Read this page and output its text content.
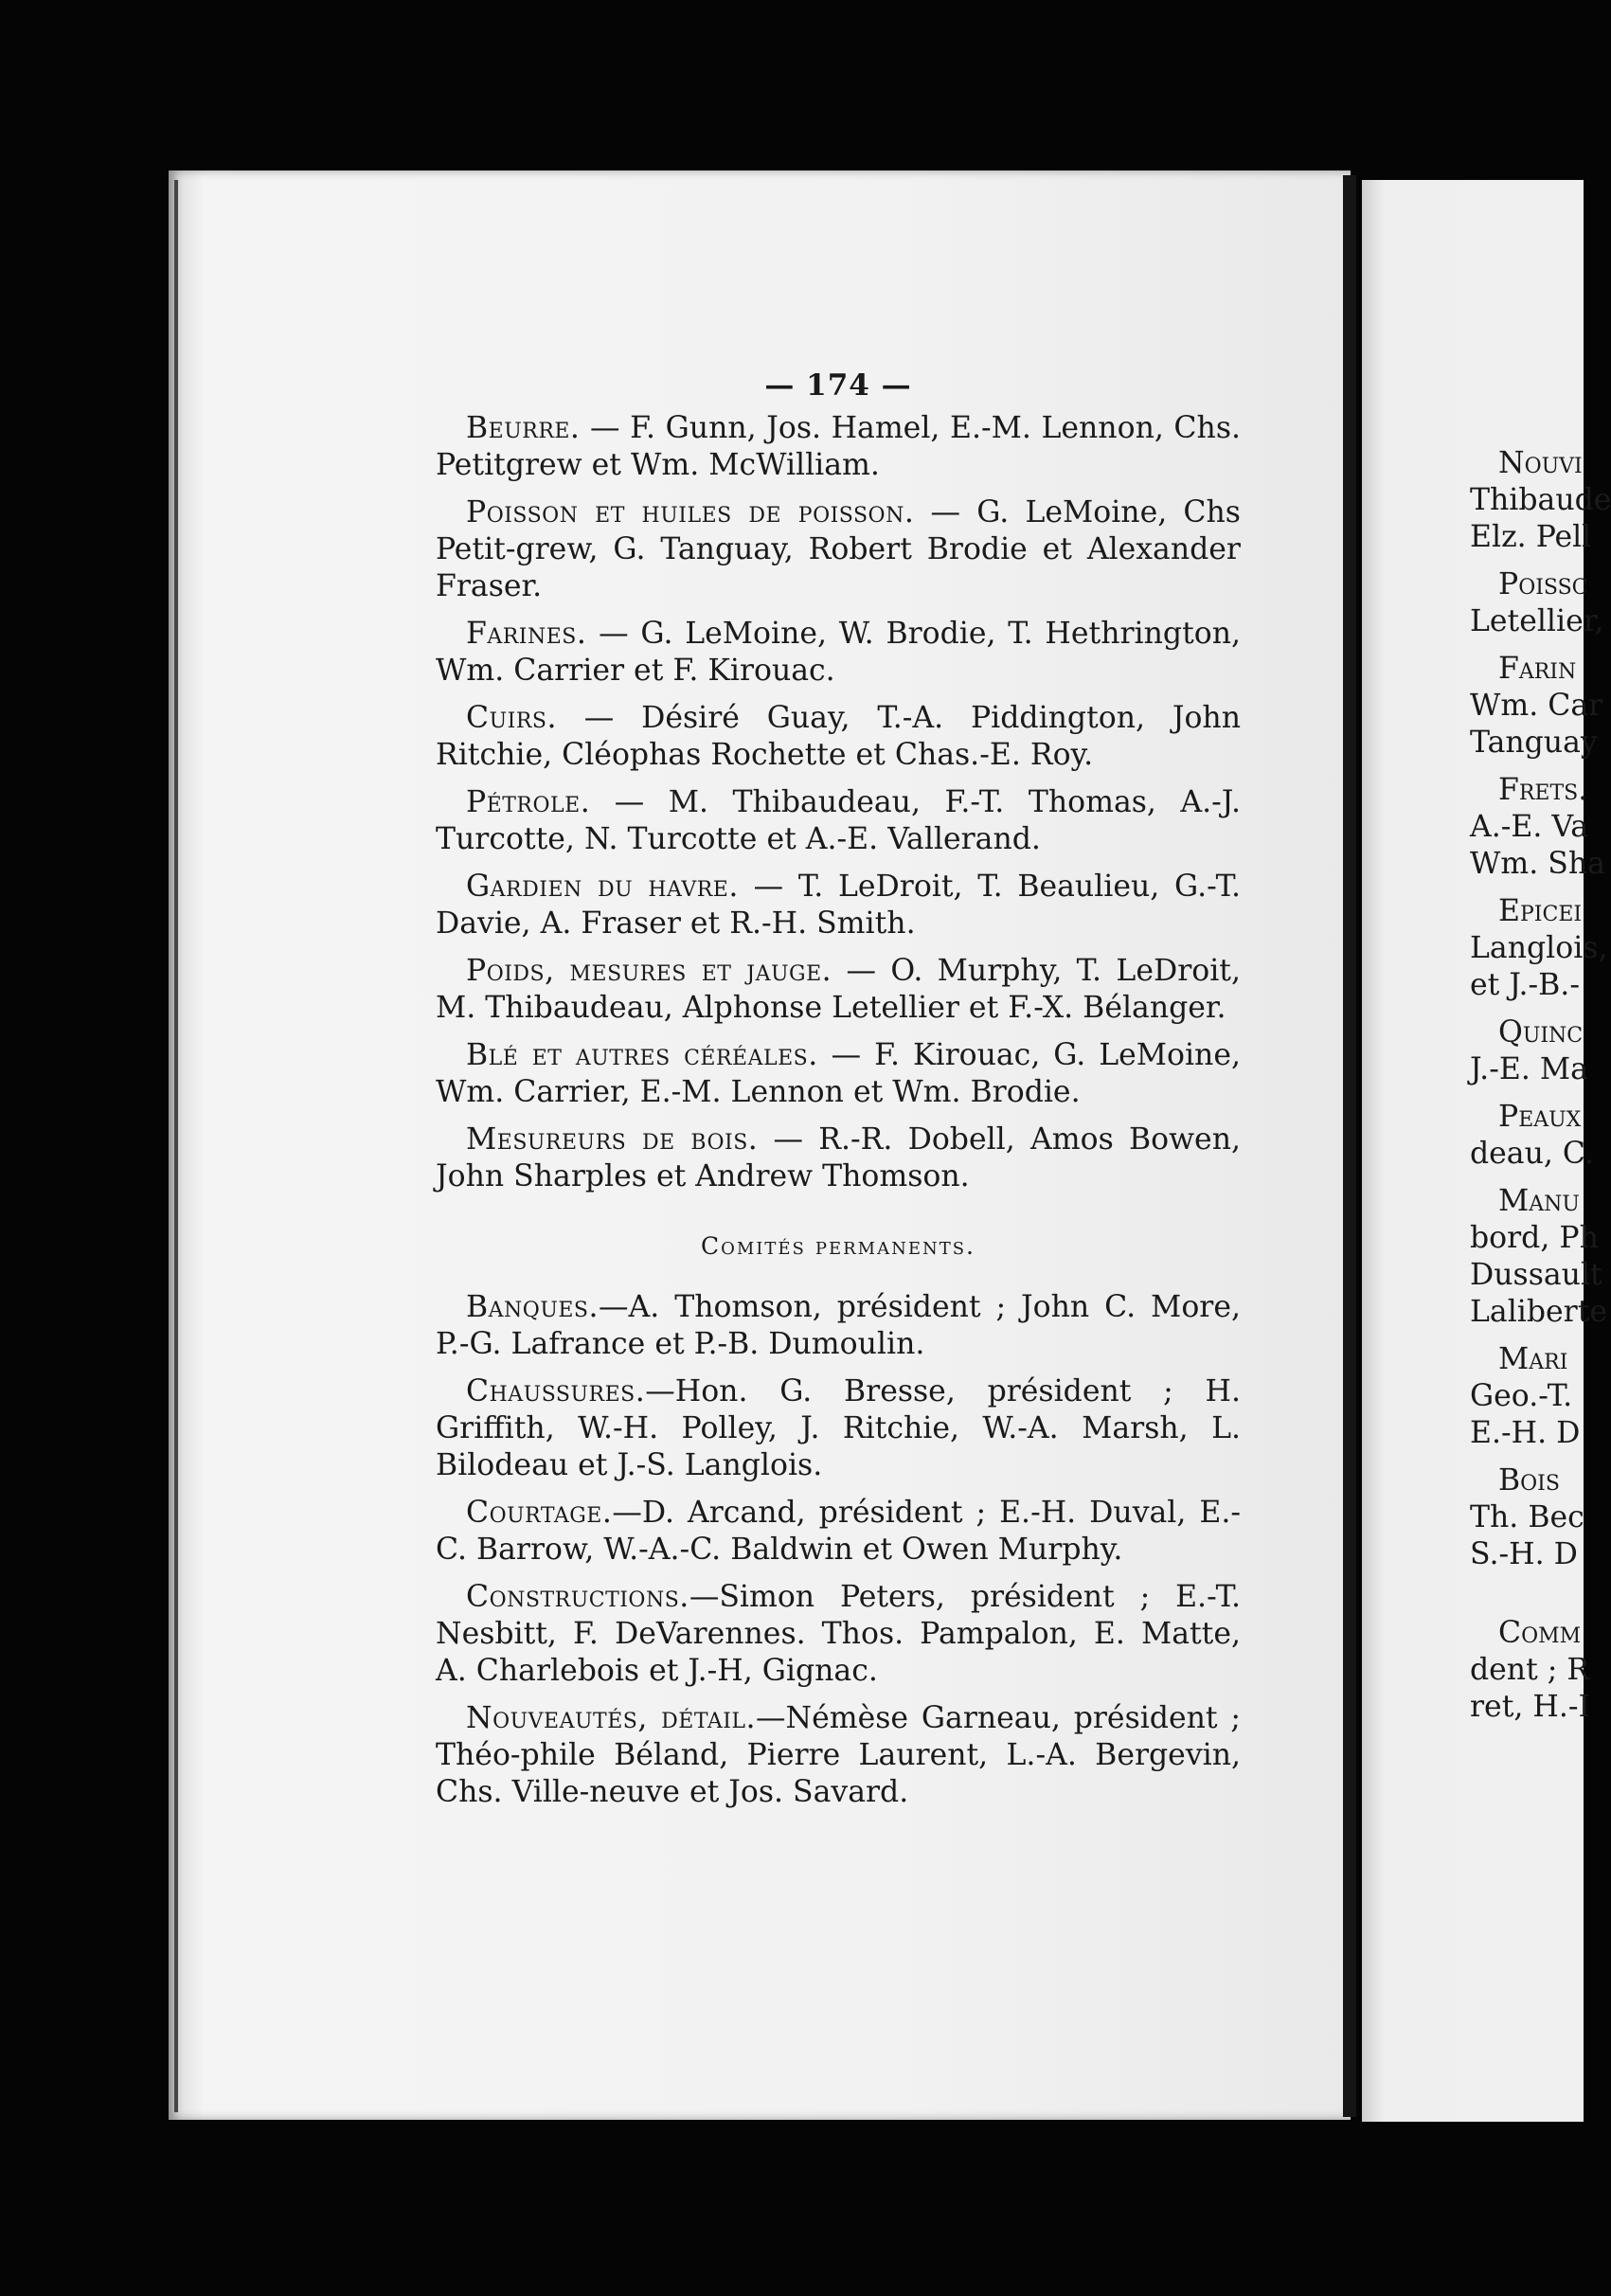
— 174 —

Beurre. — F. Gunn, Jos. Hamel, E.-M. Lennon, Chs. Petitgrew et Wm. McWilliam.

Poisson et huiles de poisson. — G. LeMoine, Chs Petit-grew, G. Tanguay, Robert Brodie et Alexander Fraser.

Farines. — G. LeMoine, W. Brodie, T. Hethrington, Wm. Carrier et F. Kirouac.

Cuirs. — Désiré Guay, T.-A. Piddington, John Ritchie, Cléophas Rochette et Chas.-E. Roy.

Pétrole. — M. Thibaudeau, F.-T. Thomas, A.-J. Turcotte, N. Turcotte et A.-E. Vallerand.

Gardien du havre. — T. LeDroit, T. Beaulieu, G.-T. Davie, A. Fraser et R.-H. Smith.

Poids, mesures et jauge. — O. Murphy, T. LeDroit, M. Thibaudeau, Alphonse Letellier et F.-X. Bélanger.

Blé et autres céréales. — F. Kirouac, G. LeMoine, Wm. Carrier, E.-M. Lennon et Wm. Brodie.

Mesureurs de bois. — R.-R. Dobell, Amos Bowen, John Sharples et Andrew Thomson.

Comités permanents.

Banques.—A. Thomson, président ; John C. More, P.-G. Lafrance et P.-B. Dumoulin.

Chaussures.—Hon. G. Bresse, président ; H. Griffith, W.-H. Polley, J. Ritchie, W.-A. Marsh, L. Bilodeau et J.-S. Langlois.

Courtage.—D. Arcand, président ; E.-H. Duval, E.-C. Barrow, W.-A.-C. Baldwin et Owen Murphy.

Constructions.—Simon Peters, président ; E.-T. Nesbitt, F. DeVarennes. Thos. Pampalon, E. Matte, A. Charlebois et J.-H, Gignac.

Nouveautés, détail.—Némèse Garneau, président ; Théo-phile Béland, Pierre Laurent, L.-A. Bergevin, Chs. Ville-neuve et Jos. Savard.

Nouvi
Thibaude
Elz. Pell
Poissc
Letellier,
Farin
Wm. Car
Tanguay
Frets.
A.-E. Va
Wm. Sha
Epicei
Langlois,
et J.-B.-
Quinc
J.-E. Ma
Peaux
deau, C.
Manu
bord, Ph
Dussault
Laliberte
Mari
Geo.-T.
E.-H. D
Bois
Th. Bec
S.-H. D
Comm
dent ; R
ret, H.-I
